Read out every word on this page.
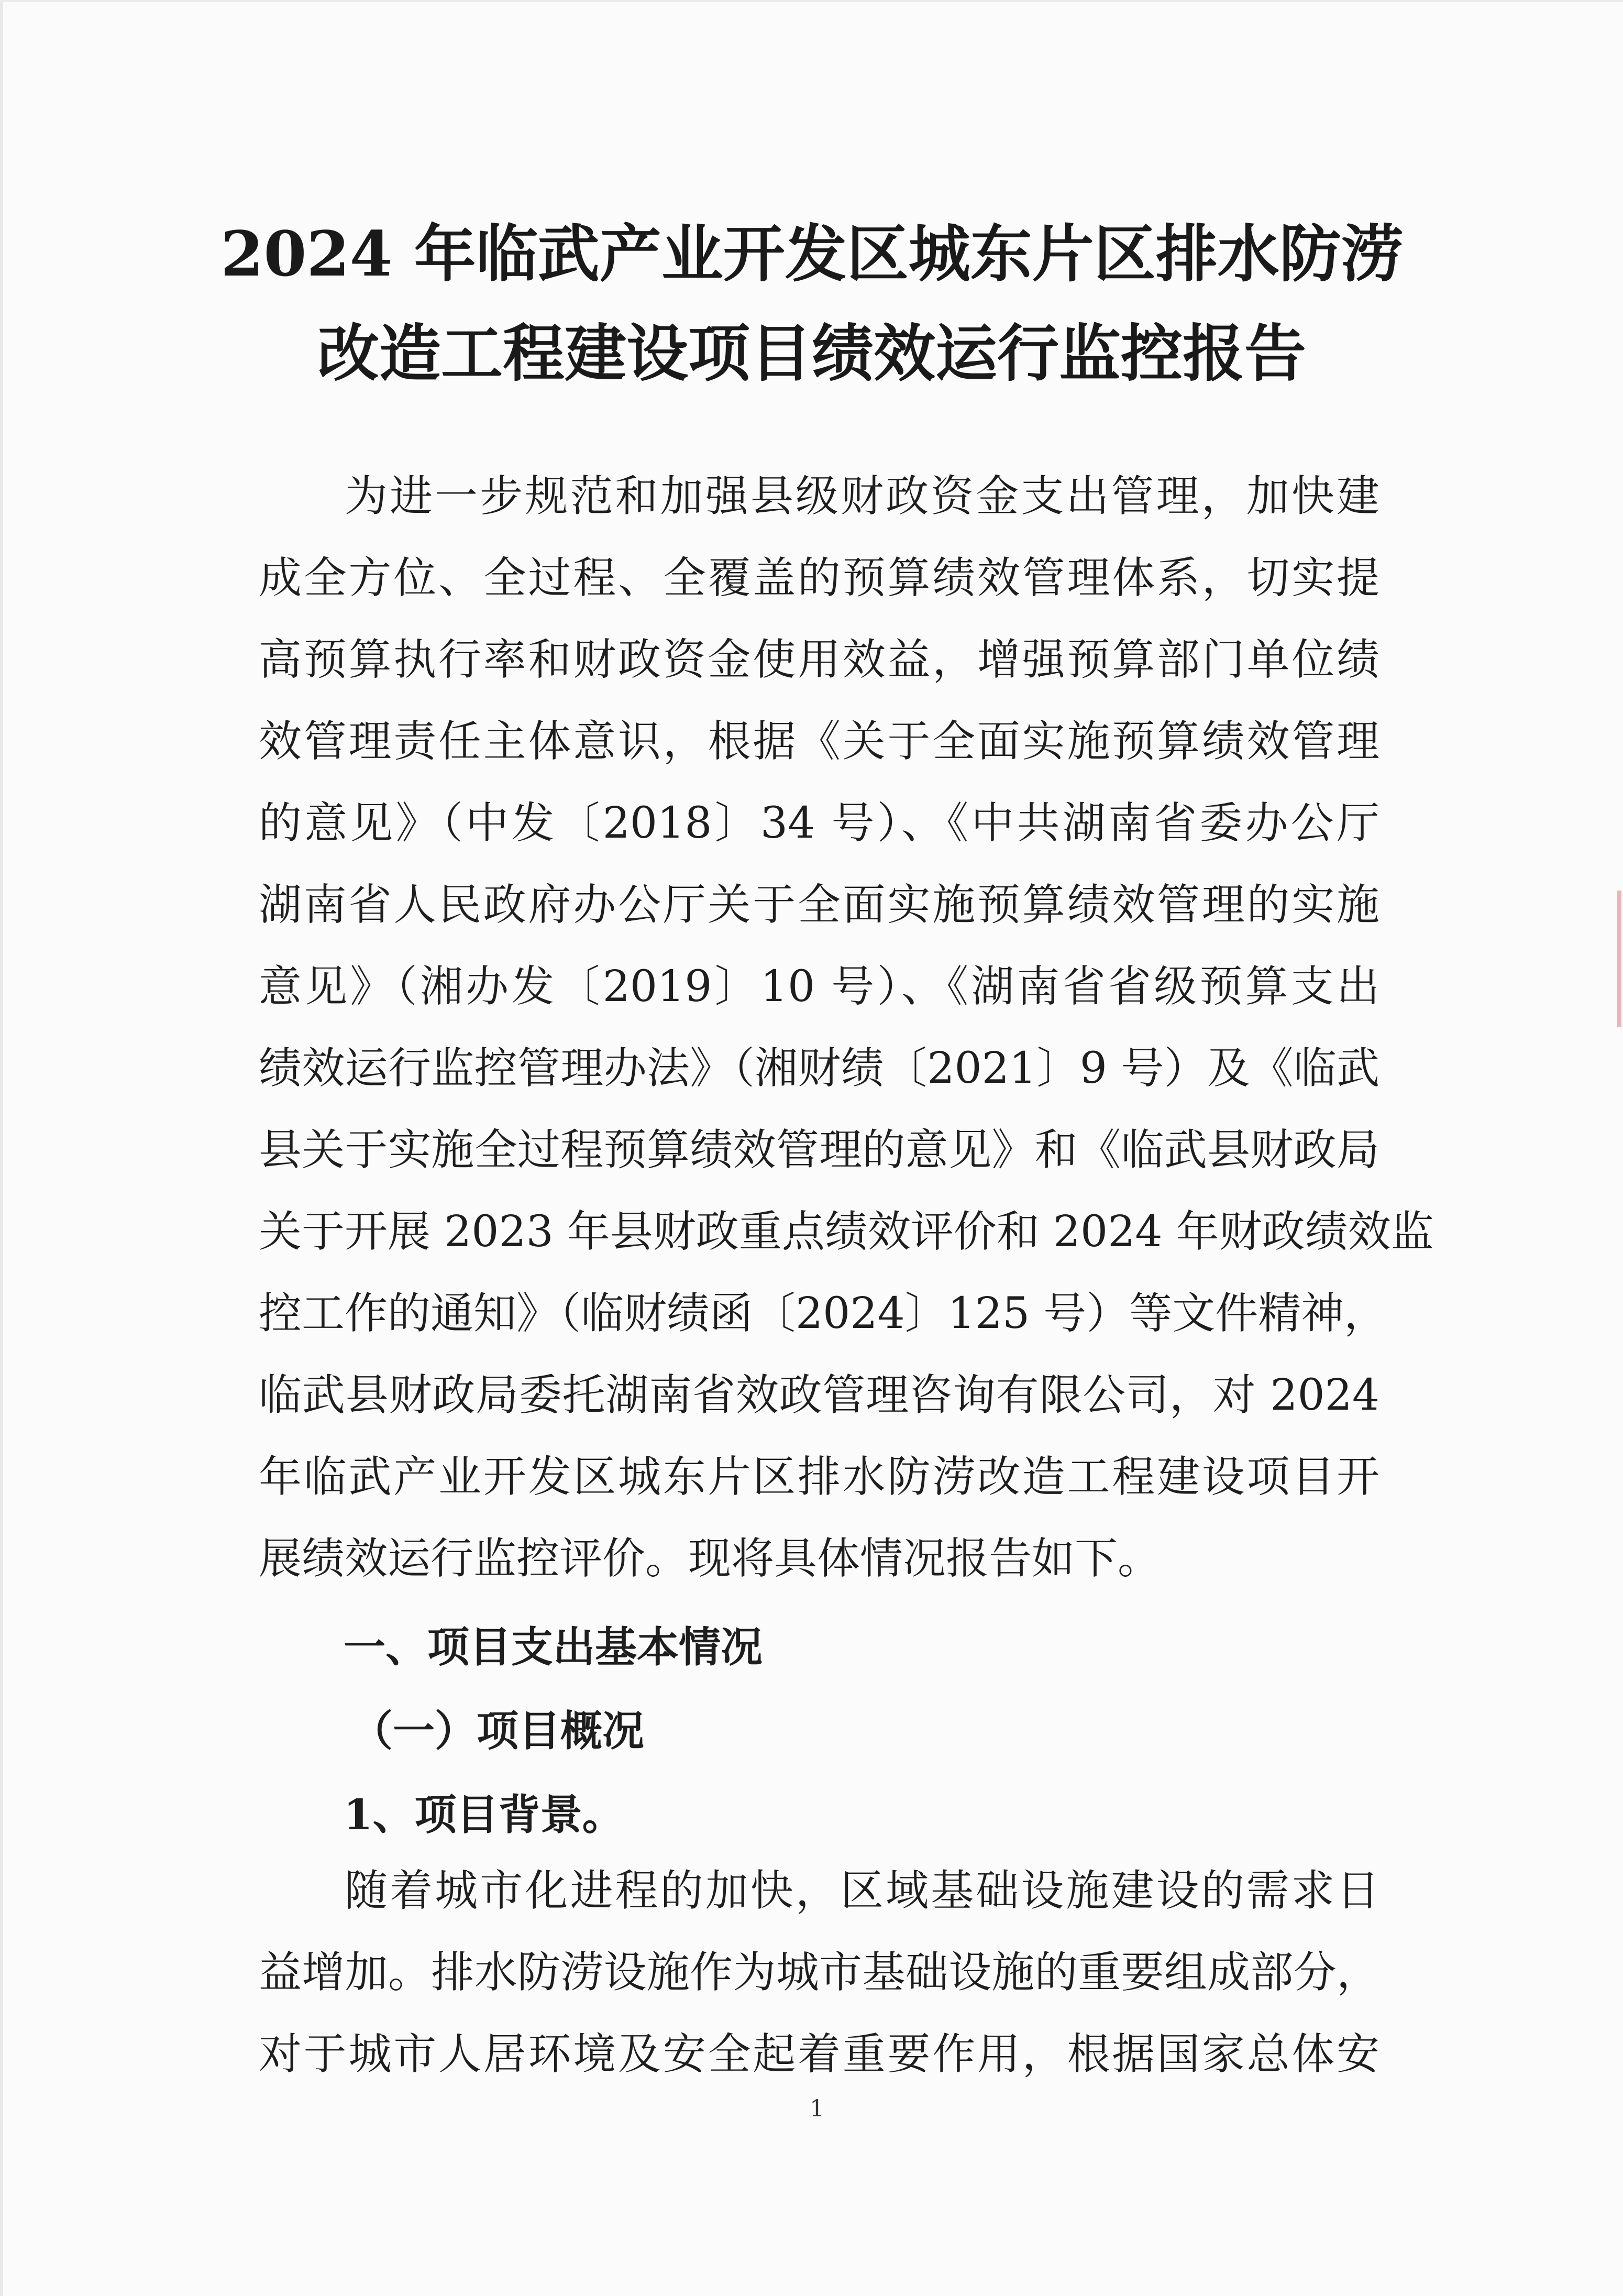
2024 年临武产业开发区城东片区排水防涝
改造工程建设项目绩效运行监控报告
为进一步规范和加强县级财政资金支出管理，加快建
成全方位、全过程、全覆盖的预算绩效管理体系，切实提
高预算执行率和财政资金使用效益，增强预算部门单位绩
效管理责任主体意识，根据《关于全面实施预算绩效管理
的意见》（中发〔2018〕34 号）、《中共湖南省委办公厅
湖南省人民政府办公厅关于全面实施预算绩效管理的实施
意见》（湘办发〔2019〕10 号）、《湖南省省级预算支出
绩效运行监控管理办法》（湘财绩〔2021〕9 号）及《临武
县关于实施全过程预算绩效管理的意见》和《临武县财政局
关于开展 2023 年县财政重点绩效评价和 2024 年财政绩效监
控工作的通知》（临财绩函〔2024〕125 号）等文件精神，
临武县财政局委托湖南省效政管理咨询有限公司，对 2024
年临武产业开发区城东片区排水防涝改造工程建设项目开
展绩效运行监控评价。现将具体情况报告如下。
一、项目支出基本情况
（一）项目概况
1、项目背景。
随着城市化进程的加快，区域基础设施建设的需求日
益增加。排水防涝设施作为城市基础设施的重要组成部分，
对于城市人居环境及安全起着重要作用，根据国家总体安
1
